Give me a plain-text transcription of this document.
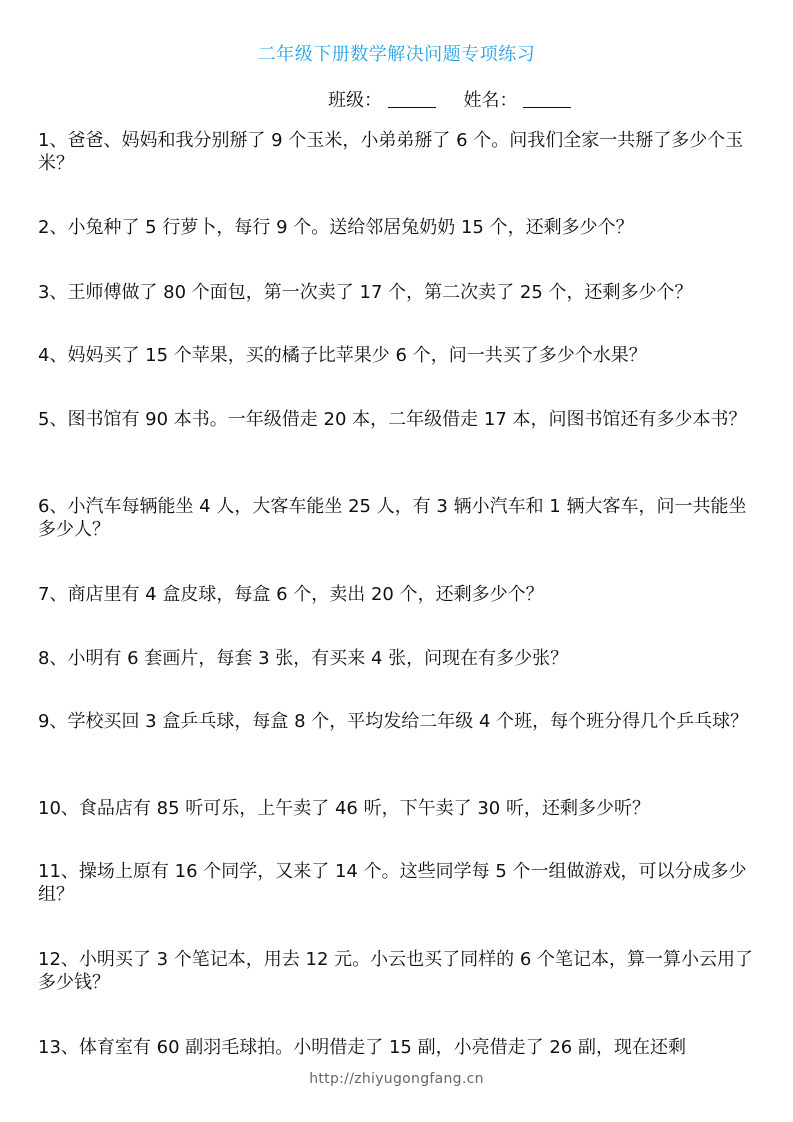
二年级下册数学解决问题专项练习
班级：	姓名：
1、爸爸、妈妈和我分别掰了 9 个玉米，小弟弟掰了 6 个。问我们全家一共掰了多少个玉米？
2、小兔种了 5 行萝卜，每行 9 个。送给邻居兔奶奶 15 个，还剩多少个？
3、王师傅做了 80 个面包，第一次卖了 17 个，第二次卖了 25 个，还剩多少个？
4、妈妈买了 15 个苹果，买的橘子比苹果少 6 个，问一共买了多少个水果？
5、图书馆有 90 本书。一年级借走 20 本，二年级借走 17 本，问图书馆还有多少本书？
6、小汽车每辆能坐 4 人，大客车能坐 25 人，有 3 辆小汽车和 1 辆大客车，问一共能坐多少人？
7、商店里有 4 盒皮球，每盒 6 个，卖出 20 个，还剩多少个？
8、小明有 6 套画片，每套 3 张，有买来 4 张，问现在有多少张？
9、学校买回 3 盒乒乓球，每盒 8 个，平均发给二年级 4 个班，每个班分得几个乒乓球？
10、食品店有 85 听可乐，上午卖了 46 听，下午卖了 30 听，还剩多少听？
11、操场上原有 16 个同学，又来了 14 个。这些同学每 5 个一组做游戏，可以分成多少组？
12、小明买了 3 个笔记本，用去 12 元。小云也买了同样的 6 个笔记本，算一算小云用了多少钱？
13、体育室有 60 副羽毛球拍。小明借走了 15 副，小亮借走了 26 副，现在还剩
http://zhiyugongfang.cn
